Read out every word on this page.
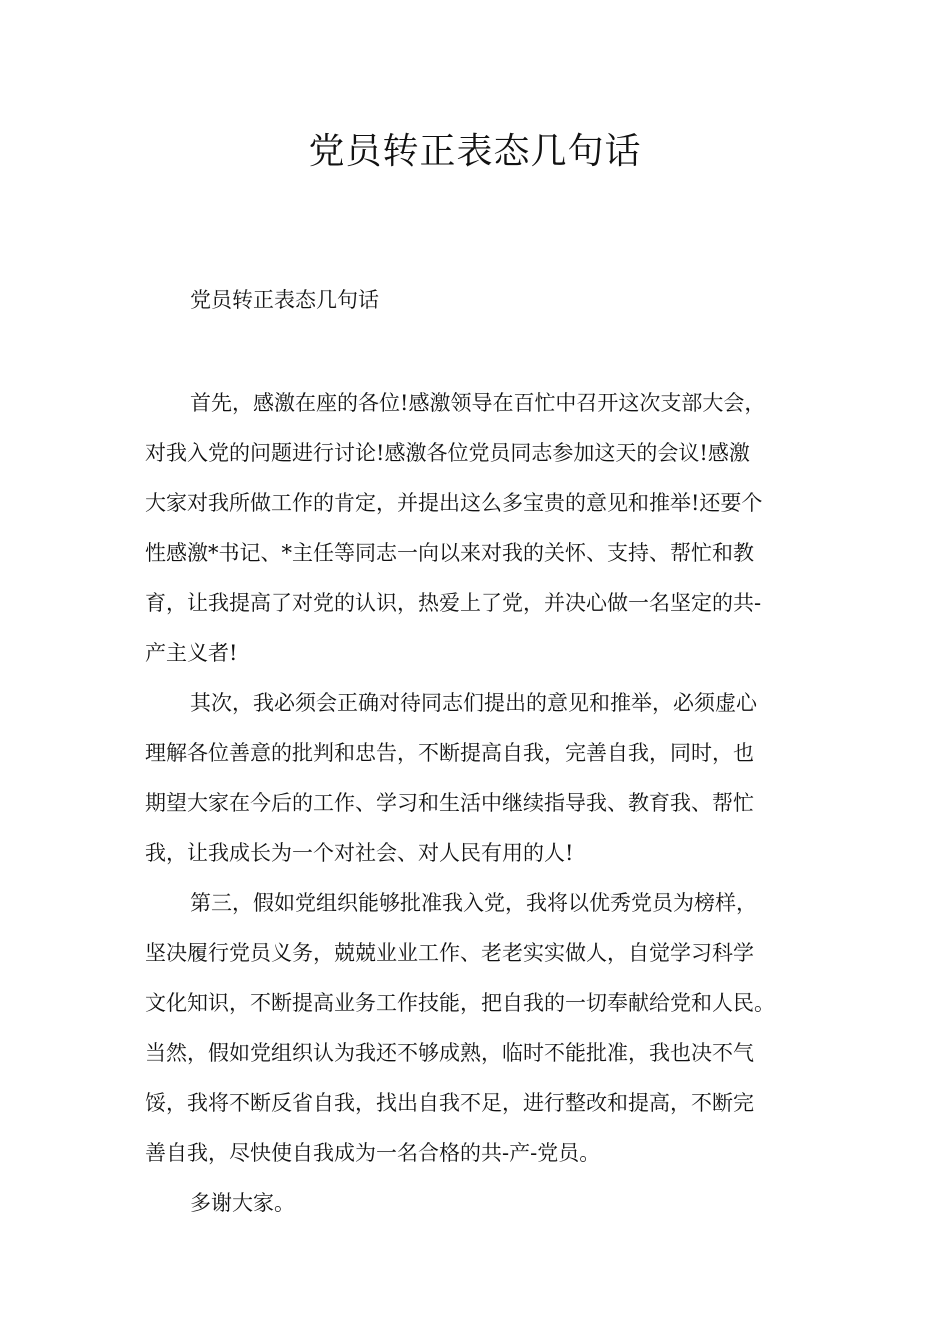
党员转正表态几句话
党员转正表态几句话

首先，感激在座的各位!感激领导在百忙中召开这次支部大会，
对我入党的问题进行讨论!感激各位党员同志参加这天的会议!感激
大家对我所做工作的肯定，并提出这么多宝贵的意见和推举!还要个
性感激*书记、*主任等同志一向以来对我的关怀、支持、帮忙和教
育，让我提高了对党的认识，热爱上了党，并决心做一名坚定的共-
产主义者!

其次，我必须会正确对待同志们提出的意见和推举，必须虚心
理解各位善意的批判和忠告，不断提高自我，完善自我，同时，也
期望大家在今后的工作、学习和生活中继续指导我、教育我、帮忙
我，让我成长为一个对社会、对人民有用的人!

第三，假如党组织能够批准我入党，我将以优秀党员为榜样，
坚决履行党员义务，兢兢业业工作、老老实实做人，自觉学习科学
文化知识，不断提高业务工作技能，把自我的一切奉献给党和人民。
当然，假如党组织认为我还不够成熟，临时不能批准，我也决不气
馁，我将不断反省自我，找出自我不足，进行整改和提高，不断完
善自我，尽快使自我成为一名合格的共-产-党员。

多谢大家。
